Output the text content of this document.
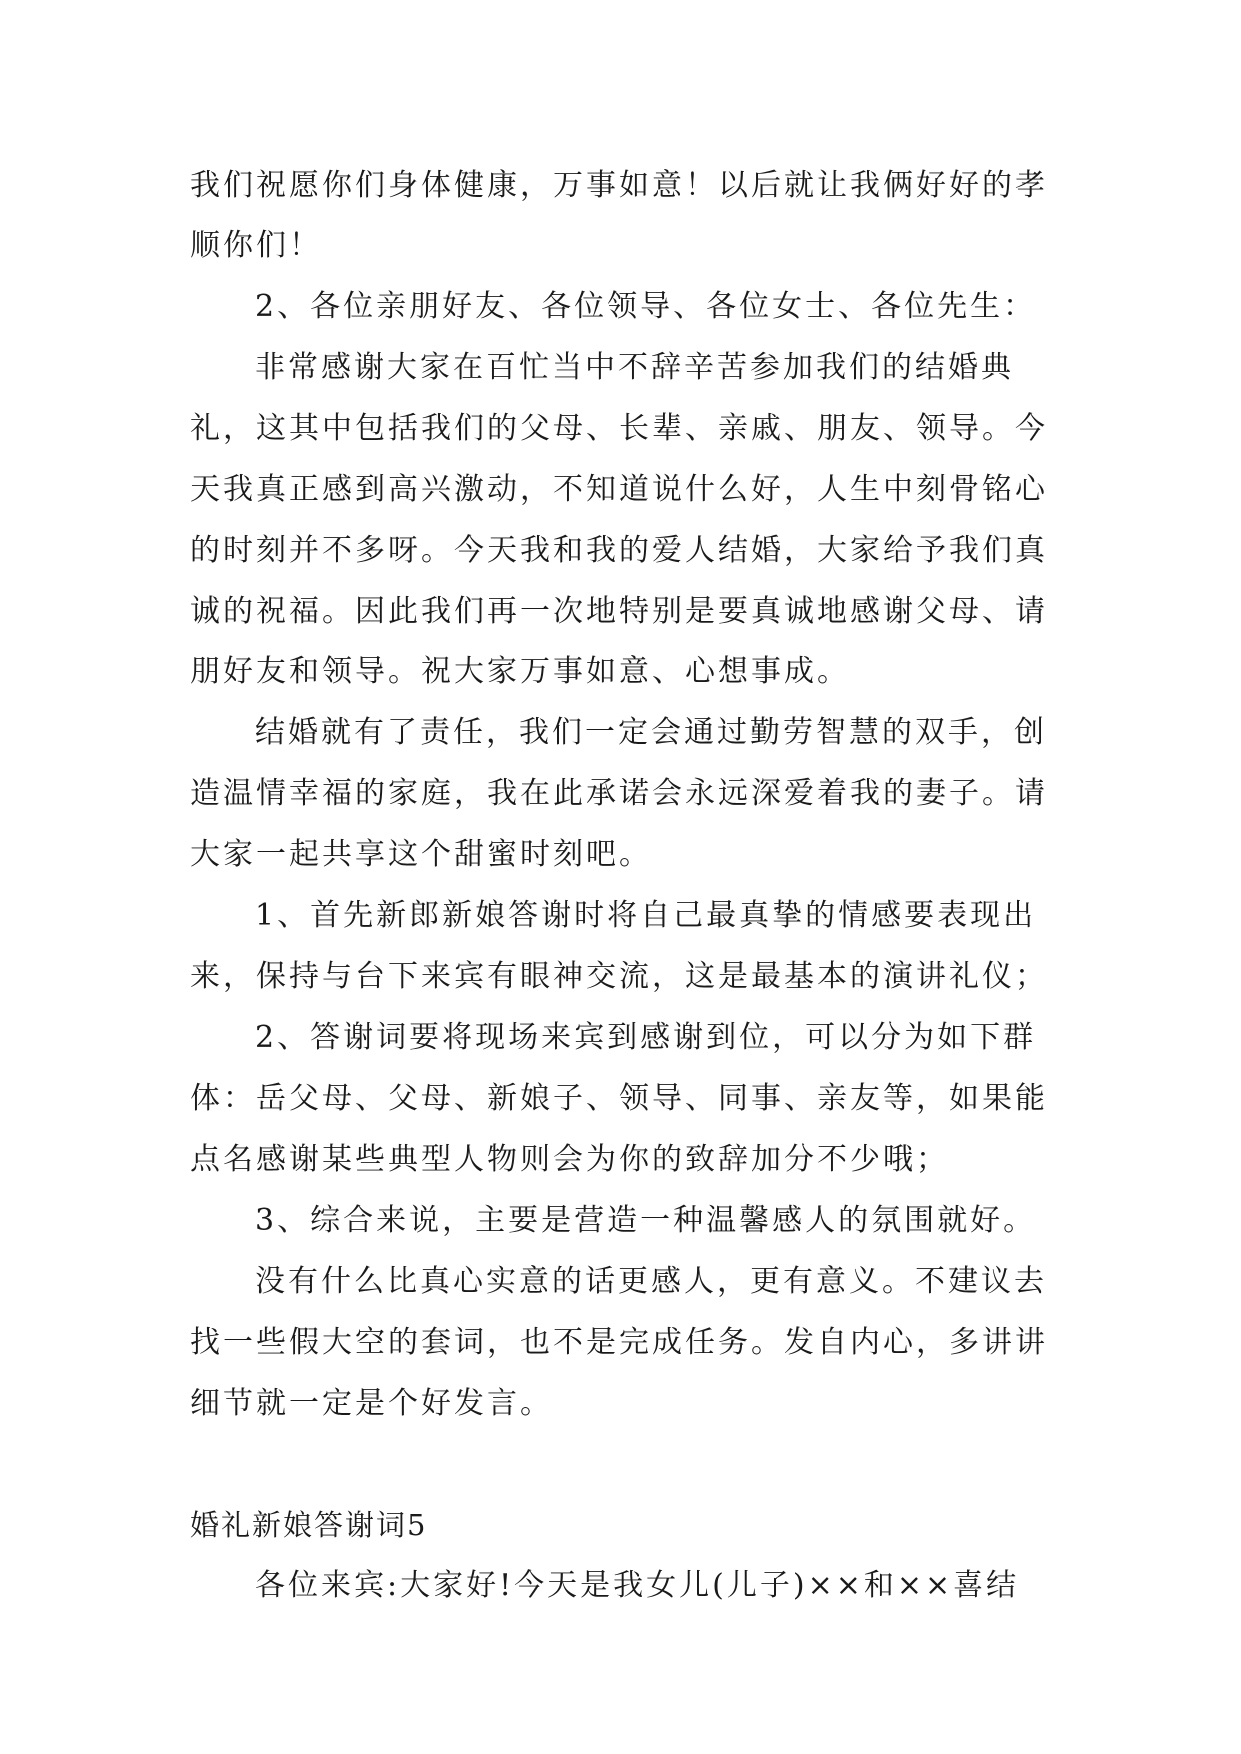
我们祝愿你们身体健康，万事如意！以后就让我俩好好的孝
顺你们！
2、各位亲朋好友、各位领导、各位女士、各位先生：
非常感谢大家在百忙当中不辞辛苦参加我们的结婚典
礼，这其中包括我们的父母、长辈、亲戚、朋友、领导。今
天我真正感到高兴激动，不知道说什么好，人生中刻骨铭心
的时刻并不多呀。今天我和我的爱人结婚，大家给予我们真
诚的祝福。因此我们再一次地特别是要真诚地感谢父母、请
朋好友和领导。祝大家万事如意、心想事成。
结婚就有了责任，我们一定会通过勤劳智慧的双手，创
造温情幸福的家庭，我在此承诺会永远深爱着我的妻子。请
大家一起共享这个甜蜜时刻吧。
1、首先新郎新娘答谢时将自己最真挚的情感要表现出
来，保持与台下来宾有眼神交流，这是最基本的演讲礼仪；
2、答谢词要将现场来宾到感谢到位，可以分为如下群
体：岳父母、父母、新娘子、领导、同事、亲友等，如果能
点名感谢某些典型人物则会为你的致辞加分不少哦；
3、综合来说，主要是营造一种温馨感人的氛围就好。
没有什么比真心实意的话更感人，更有意义。不建议去
找一些假大空的套词，也不是完成任务。发自内心，多讲讲
细节就一定是个好发言。
婚礼新娘答谢词5
各位来宾:大家好!今天是我女儿(儿子)××和××喜结
